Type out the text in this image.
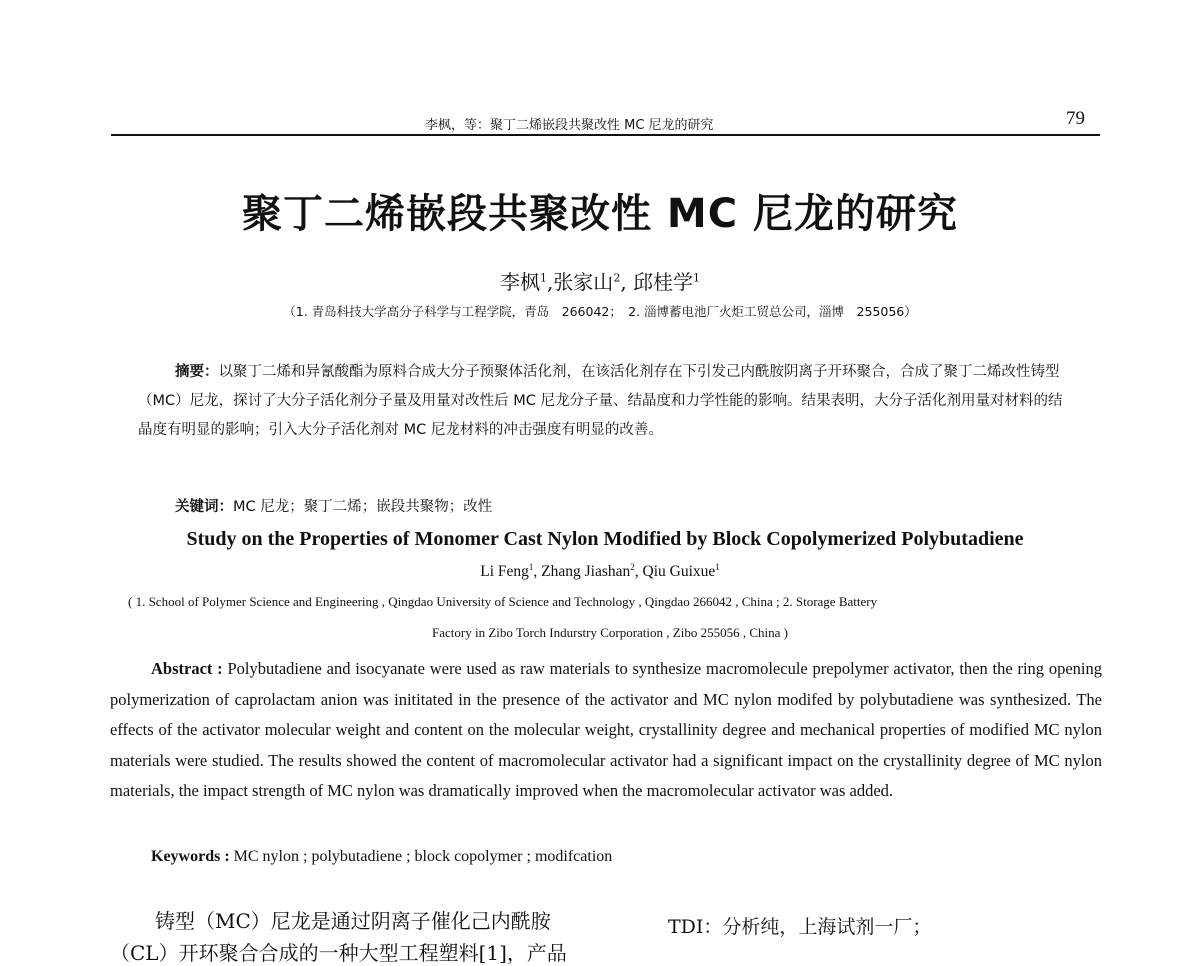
李枫，等：聚丁二烯嵌段共聚改性 MC 尼龙的研究	79
聚丁二烯嵌段共聚改性 MC 尼龙的研究
李枫$^1$,张家山$^2$, 邱桂学$^1$
（1. 青岛科技大学高分子科学与工程学院，青岛　266042；　2. 淄博蓄电池厂火炬工贸总公司，淄博　255056）
摘要：以聚丁二烯和异氰酸酯为原料合成大分子预聚体活化剂，在该活化剂存在下引发己内酰胺阴离子开环聚合，合成了聚丁二烯改性铸型（MC）尼龙，探讨了大分子活化剂分子量及用量对改性后 MC 尼龙分子量、结晶度和力学性能的影响。结果表明，大分子活化剂用量对材料的结晶度有明显的影响；引入大分子活化剂对 MC 尼龙材料的冲击强度有明显的改善。
关键词：MC 尼龙；聚丁二烯；嵌段共聚物；改性
Study on the Properties of Monomer Cast Nylon Modified by Block Copolymerized Polybutadiene
Li Feng$^1$, Zhang Jiashan$^2$, Qiu Guixue$^1$
( 1. School of Polymer Science and Engineering , Qingdao University of Science and Technology , Qingdao 266042 , China ; 2. Storage Battery
Factory in Zibo Torch Indurstry Corporation , Zibo 255056 , China )
Abstract : Polybutadiene and isocyanate were used as raw materials to synthesize macromolecule prepolymer activator, then the ring opening polymerization of caprolactam anion was inititated in the presence of the activator and MC nylon modifed by polybutadiene was synthesized. The effects of the activator molecular weight and content on the molecular weight, crystallinity degree and mechanical properties of modified MC nylon materials were studied. The results showed the content of macromolecular activator had a significant impact on the crystallinity degree of MC nylon materials, the impact strength of MC nylon was dramatically improved when the macromolecular activator was added.
Keywords : MC nylon ; polybutadiene ; block copolymer ; modifcation
铸型（MC）尼龙是通过阴离子催化己内酰胺
（CL）开环聚合合成的一种大型工程塑料[1]，产品
TDI：分析纯，上海试剂一厂；
